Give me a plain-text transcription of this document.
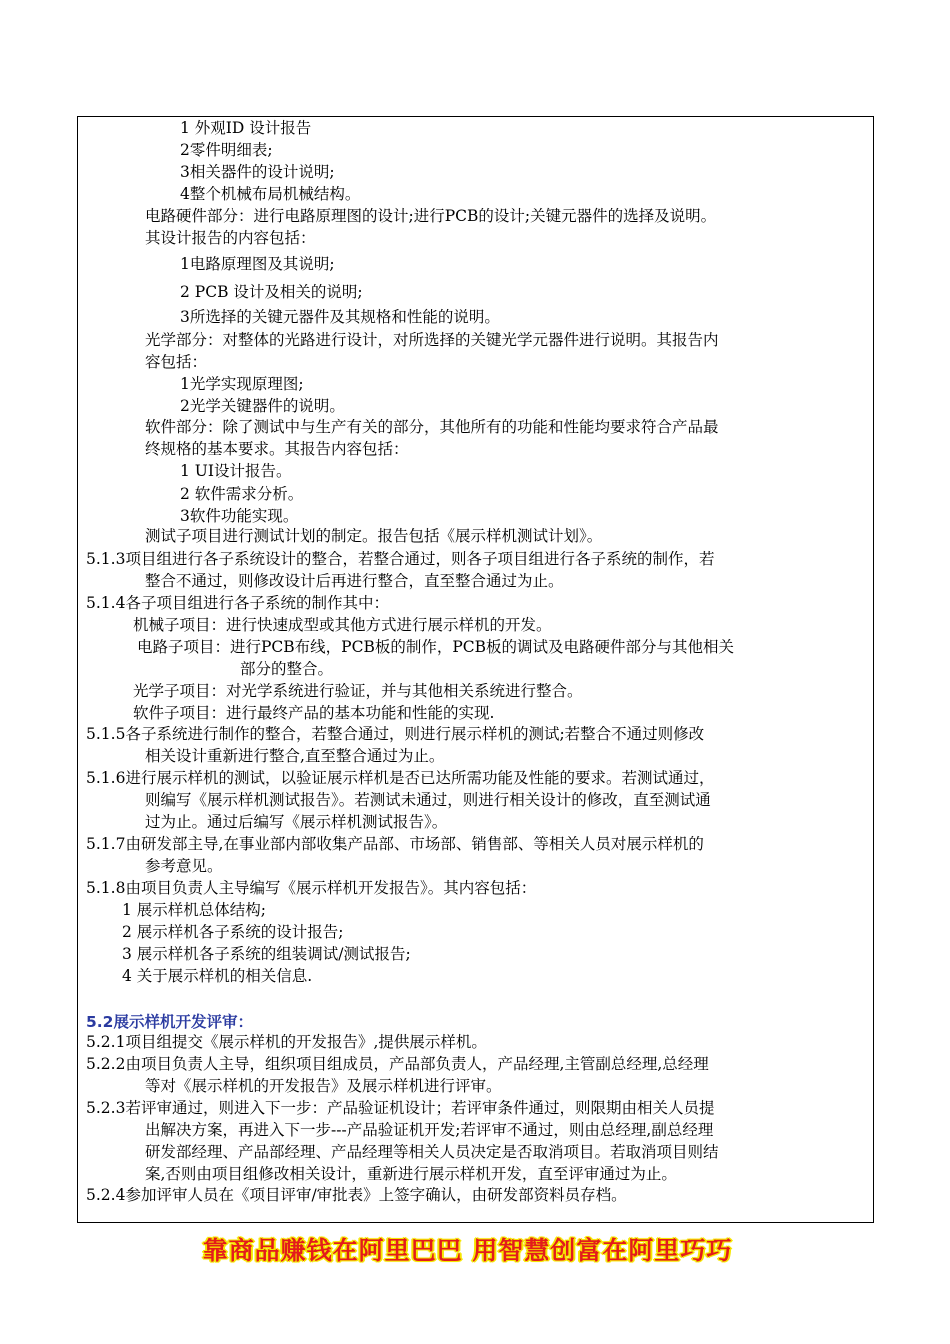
1 外观ID 设计报告
2零件明细表;
3相关器件的设计说明;
4整个机械布局机械结构。
电路硬件部分：进行电路原理图的设计;进行PCB的设计;关键元器件的选择及说明。
其设计报告的内容包括：
1电路原理图及其说明;
2 PCB 设计及相关的说明;
3所选择的关键元器件及其规格和性能的说明。
光学部分：对整体的光路进行设计，对所选择的关键光学元器件进行说明。其报告内
容包括：
1光学实现原理图;
2光学关键器件的说明。
软件部分：除了测试中与生产有关的部分，其他所有的功能和性能均要求符合产品最
终规格的基本要求。其报告内容包括：
1 UI设计报告。
2 软件需求分析。
3软件功能实现。
测试子项目进行测试计划的制定。报告包括《展示样机测试计划》。
5.1.3项目组进行各子系统设计的整合，若整合通过，则各子项目组进行各子系统的制作，若
整合不通过，则修改设计后再进行整合，直至整合通过为止。
5.1.4各子项目组进行各子系统的制作其中：
机械子项目：进行快速成型或其他方式进行展示样机的开发。
电路子项目：进行PCB布线，PCB板的制作，PCB板的调试及电路硬件部分与其他相关
部分的整合。
光学子项目：对光学系统进行验证，并与其他相关系统进行整合。
软件子项目：进行最终产品的基本功能和性能的实现.
5.1.5各子系统进行制作的整合，若整合通过，则进行展示样机的测试;若整合不通过则修改
相关设计重新进行整合,直至整合通过为止。
5.1.6进行展示样机的测试，以验证展示样机是否已达所需功能及性能的要求。若测试通过，
则编写《展示样机测试报告》。若测试未通过，则进行相关设计的修改，直至测试通
过为止。通过后编写《展示样机测试报告》。
5.1.7由研发部主导,在事业部内部收集产品部、市场部、销售部、等相关人员对展示样机的
参考意见。
5.1.8由项目负责人主导编写《展示样机开发报告》。其内容包括：
1 展示样机总体结构;
2 展示样机各子系统的设计报告;
3 展示样机各子系统的组装调试/测试报告;
4 关于展示样机的相关信息.
5.2展示样机开发评审：
5.2.1项目组提交《展示样机的开发报告》,提供展示样机。
5.2.2由项目负责人主导，组织项目组成员，产品部负责人，产品经理,主管副总经理,总经理
等对《展示样机的开发报告》及展示样机进行评审。
5.2.3若评审通过，则进入下一步：产品验证机设计；若评审条件通过，则限期由相关人员提
出解决方案，再进入下一步---产品验证机开发;若评审不通过，则由总经理,副总经理
研发部经理、产品部经理、产品经理等相关人员决定是否取消项目。若取消项目则结
案,否则由项目组修改相关设计，重新进行展示样机开发，直至评审通过为止。
5.2.4参加评审人员在《项目评审/审批表》上签字确认，由研发部资料员存档。
靠商品赚钱在阿里巴巴 用智慧创富在阿里巧巧
